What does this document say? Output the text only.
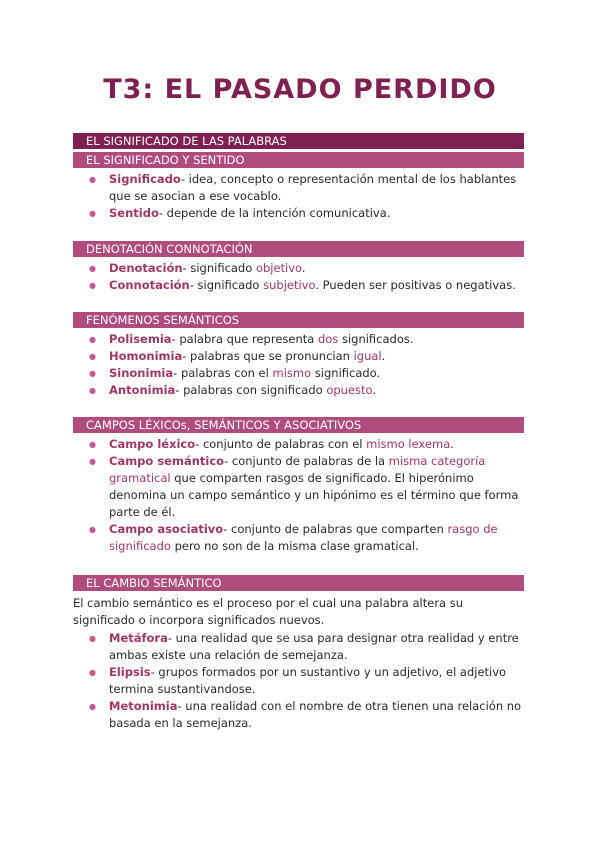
T3: EL PASADO PERDIDO
EL SIGNIFICADO DE LAS PALABRAS
EL SIGNIFICADO Y SENTIDO
● Significado- idea, concepto o representación mental de los hablantes que se asocian a ese vocablo.
● Sentido- depende de la intención comunicativa.
DENOTACIÓN CONNOTACIÓN
● Denotación- significado objetivo.
● Connotación- significado subjetivo. Pueden ser positivas o negativas.
FENÓMENOS SEMÁNTICOS
● Polisemia- palabra que representa dos significados.
● Homonimia- palabras que se pronuncian igual.
● Sinonimia- palabras con el mismo significado.
● Antonimia- palabras con significado opuesto.
CAMPOS LÉXICOs, SEMÁNTICOS Y ASOCIATIVOS
● Campo léxico- conjunto de palabras con el mismo lexema.
● Campo semántico- conjunto de palabras de la misma categoría gramatical que comparten rasgos de significado. El hiperónimo denomina un campo semántico y un hipónimo es el término que forma parte de él.
● Campo asociativo- conjunto de palabras que comparten rasgo de significado pero no son de la misma clase gramatical.
EL CAMBIO SEMÁNTICO

El cambio semántico es el proceso por el cual una palabra altera su significado o incorpora significados nuevos.

● Metáfora- una realidad que se usa para designar otra realidad y entre ambas existe una relación de semejanza.
● Elipsis- grupos formados por un sustantivo y un adjetivo, el adjetivo termina sustantivandose.
● Metonimia- una realidad con el nombre de otra tienen una relación no basada en la semejanza.
